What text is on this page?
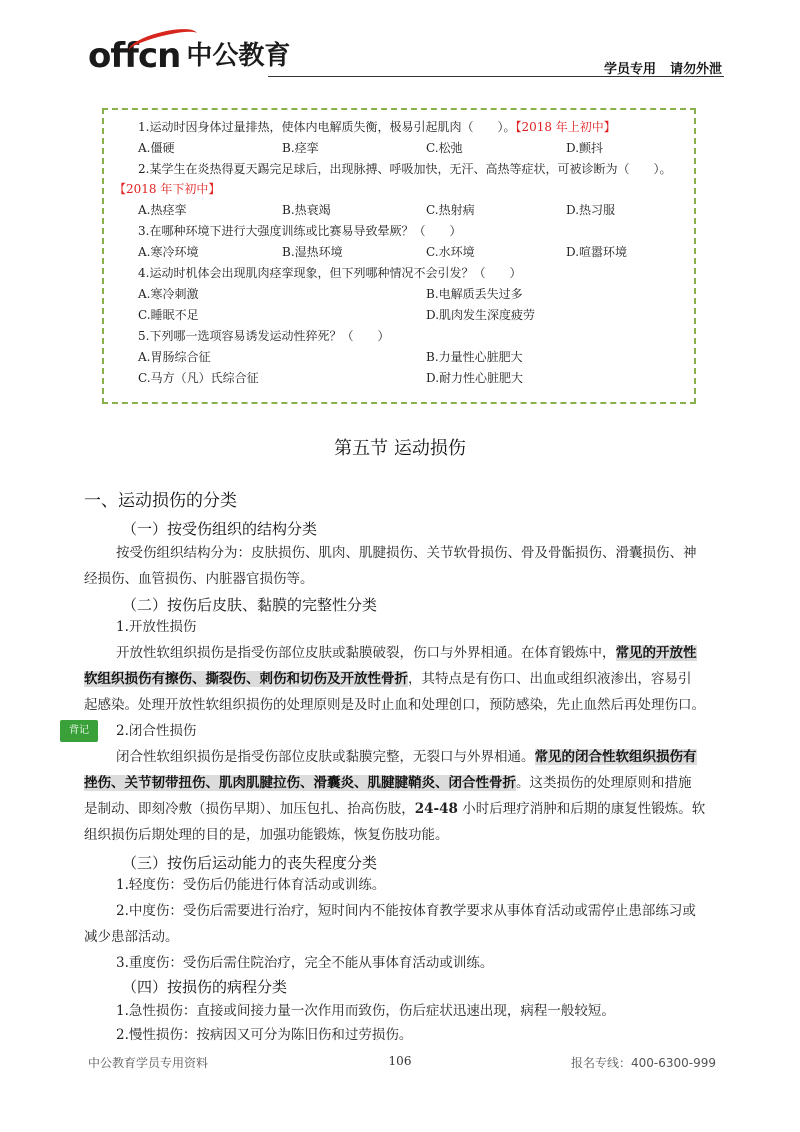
offcn 中公教育	学员专用 请勿外泄
1.运动时因身体过量排热，使体内电解质失衡，极易引起肌肉（　　）。【2018 年上初中】
A.僵硬	B.痉挛	C.松弛	D.颤抖
2.某学生在炎热得夏天踢完足球后，出现脉搏、呼吸加快，无汗、高热等症状，可被诊断为（　　）。
【2018 年下初中】
A.热痉挛	B.热衰竭	C.热射病	D.热习服
3.在哪种环境下进行大强度训练或比赛易导致晕厥？（　　）
A.寒冷环境	B.湿热环境	C.水环境	D.喧嚣环境
4.运动时机体会出现肌肉痉挛现象，但下列哪种情况不会引发？（　　）
A.寒冷刺激	B.电解质丢失过多
C.睡眠不足	D.肌肉发生深度疲劳
5.下列哪一选项容易诱发运动性猝死？（　　）
A.胃肠综合征	B.力量性心脏肥大
C.马方（凡）氏综合征	D.耐力性心脏肥大
第五节 运动损伤
一、运动损伤的分类
（一）按受伤组织的结构分类
按受伤组织结构分为：皮肤损伤、肌肉、肌腱损伤、关节软骨损伤、骨及骨骺损伤、滑囊损伤、神
经损伤、血管损伤、内脏器官损伤等。
（二）按伤后皮肤、黏膜的完整性分类
1.开放性损伤
开放性软组织损伤是指受伤部位皮肤或黏膜破裂，伤口与外界相通。在体育锻炼中，常见的开放性
软组织损伤有擦伤、撕裂伤、刺伤和切伤及开放性骨折，其特点是有伤口、出血或组织液渗出，容易引
起感染。处理开放性软组织损伤的处理原则是及时止血和处理创口，预防感染，先止血然后再处理伤口。
背记	2.闭合性损伤
闭合性软组织损伤是指受伤部位皮肤或黏膜完整，无裂口与外界相通。常见的闭合性软组织损伤有
挫伤、关节韧带扭伤、肌肉肌腱拉伤、滑囊炎、肌腱腱鞘炎、闭合性骨折。这类损伤的处理原则和措施
是制动、即刻冷敷（损伤早期）、加压包扎、抬高伤肢，24-48 小时后理疗消肿和后期的康复性锻炼。软
组织损伤后期处理的目的是，加强功能锻炼，恢复伤肢功能。
（三）按伤后运动能力的丧失程度分类
1.轻度伤：受伤后仍能进行体育活动或训练。
2.中度伤：受伤后需要进行治疗，短时间内不能按体育教学要求从事体育活动或需停止患部练习或
减少患部活动。
3.重度伤：受伤后需住院治疗，完全不能从事体育活动或训练。
（四）按损伤的病程分类
1.急性损伤：直接或间接力量一次作用而致伤，伤后症状迅速出现，病程一般较短。
2.慢性损伤：按病因又可分为陈旧伤和过劳损伤。
中公教育学员专用资料	106	报名专线：400-6300-999
